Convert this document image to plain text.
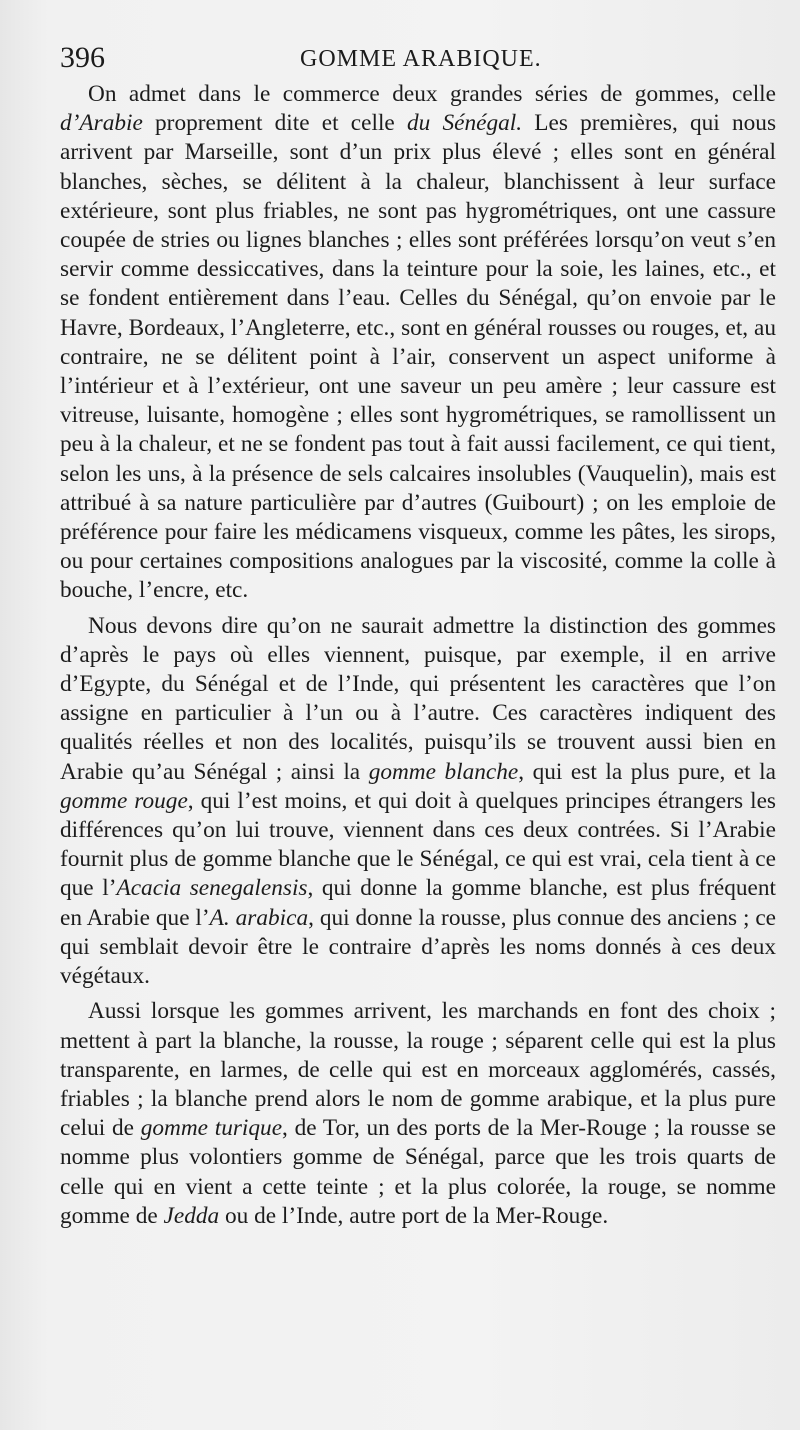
396	GOMME ARABIQUE.

On admet dans le commerce deux grandes séries de gommes, celle d’Arabie proprement dite et celle du Sénégal. Les premières, qui nous arrivent par Marseille, sont d’un prix plus élevé ; elles sont en général blanches, sèches, se délitent à la chaleur, blanchissent à leur surface extérieure, sont plus friables, ne sont pas hygrométriques, ont une cassure coupée de stries ou lignes blanches ; elles sont préférées lorsqu’on veut s’en servir comme dessiccatives, dans la teinture pour la soie, les laines, etc., et se fondent entièrement dans l’eau. Celles du Sénégal, qu’on envoie par le Havre, Bordeaux, l’Angleterre, etc., sont en général rousses ou rouges, et, au contraire, ne se délitent point à l’air, conservent un aspect uniforme à l’intérieur et à l’extérieur, ont une saveur un peu amère ; leur cassure est vitreuse, luisante, homogène ; elles sont hygrométriques, se ramollissent un peu à la chaleur, et ne se fondent pas tout à fait aussi facilement, ce qui tient, selon les uns, à la présence de sels calcaires insolubles (Vauquelin), mais est attribué à sa nature particulière par d’autres (Guibourt) ; on les emploie de préférence pour faire les médicamens visqueux, comme les pâtes, les sirops, ou pour certaines compositions analogues par la viscosité, comme la colle à bouche, l’encre, etc.

Nous devons dire qu’on ne saurait admettre la distinction des gommes d’après le pays où elles viennent, puisque, par exemple, il en arrive d’Egypte, du Sénégal et de l’Inde, qui présentent les caractères que l’on assigne en particulier à l’un ou à l’autre. Ces caractères indiquent des qualités réelles et non des localités, puisqu’ils se trouvent aussi bien en Arabie qu’au Sénégal ; ainsi la gomme blanche, qui est la plus pure, et la gomme rouge, qui l’est moins, et qui doit à quelques principes étrangers les différences qu’on lui trouve, viennent dans ces deux contrées. Si l’Arabie fournit plus de gomme blanche que le Sénégal, ce qui est vrai, cela tient à ce que l’Acacia senegalensis, qui donne la gomme blanche, est plus fréquent en Arabie que l’A. arabica, qui donne la rousse, plus connue des anciens ; ce qui semblait devoir être le contraire d’après les noms donnés à ces deux végétaux.

Aussi lorsque les gommes arrivent, les marchands en font des choix ; mettent à part la blanche, la rousse, la rouge ; séparent celle qui est la plus transparente, en larmes, de celle qui est en morceaux agglomérés, cassés, friables ; la blanche prend alors le nom de gomme arabique, et la plus pure celui de gomme turique, de Tor, un des ports de la Mer-Rouge ; la rousse se nomme plus volontiers gomme de Sénégal, parce que les trois quarts de celle qui en vient a cette teinte ; et la plus colorée, la rouge, se nomme gomme de Jedda ou de l’Inde, autre port de la Mer-Rouge.
